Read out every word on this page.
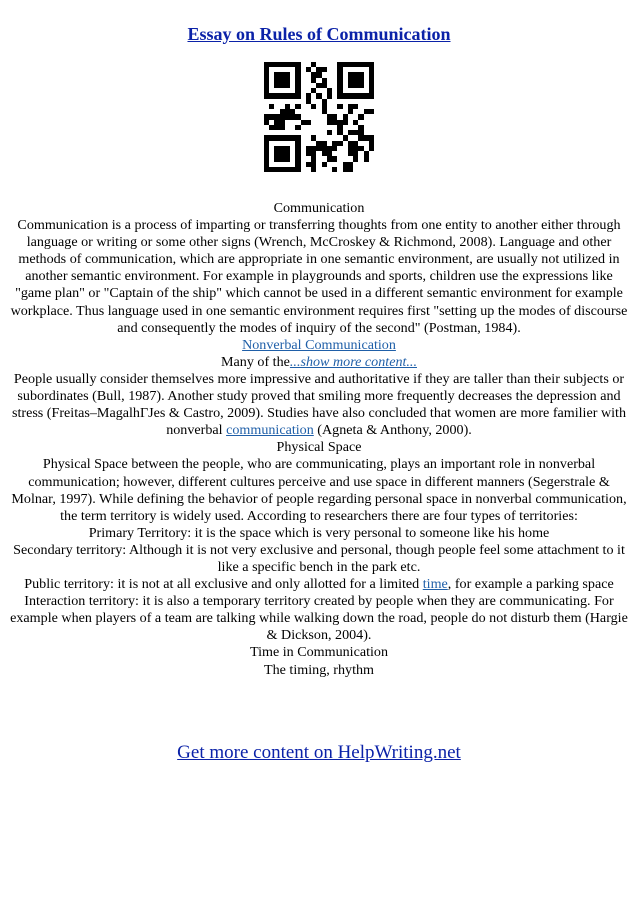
Essay on Rules of Communication

Communication

Communication is a process of imparting or transferring thoughts from one entity to another either through language or writing or some other signs (Wrench, McCroskey & Richmond, 2008). Language and other methods of communication, which are appropriate in one semantic environment, are usually not utilized in another semantic environment. For example in playgrounds and sports, children use the expressions like "game plan" or "Captain of the ship" which cannot be used in a different semantic environment for example workplace. Thus language used in one semantic environment requires first "setting up the modes of discourse and consequently the modes of inquiry of the second" (Postman, 1984).

Nonverbal Communication

Many of the...show more content...

People usually consider themselves more impressive and authoritative if they are taller than their subjects or subordinates (Bull, 1987). Another study proved that smiling more frequently decreases the depression and stress (Freitas–MagalhГJes & Castro, 2009). Studies have also concluded that women are more familier with nonverbal communication (Agneta & Anthony, 2000).

Physical Space

Physical Space between the people, who are communicating, plays an important role in nonverbal communication; however, different cultures perceive and use space in different manners (Segerstrale & Molnar, 1997). While defining the behavior of people regarding personal space in nonverbal communication, the term territory is widely used. According to researchers there are four types of territories:

Primary Territory: it is the space which is very personal to someone like his home

Secondary territory: Although it is not very exclusive and personal, though people feel some attachment to it like a specific bench in the park etc.

Public territory: it is not at all exclusive and only allotted for a limited time, for example a parking space

Interaction territory: it is also a temporary territory created by people when they are communicating. For example when players of a team are talking while walking down the road, people do not disturb them (Hargie & Dickson, 2004).

Time in Communication

The timing, rhythm

Get more content on HelpWriting.net
